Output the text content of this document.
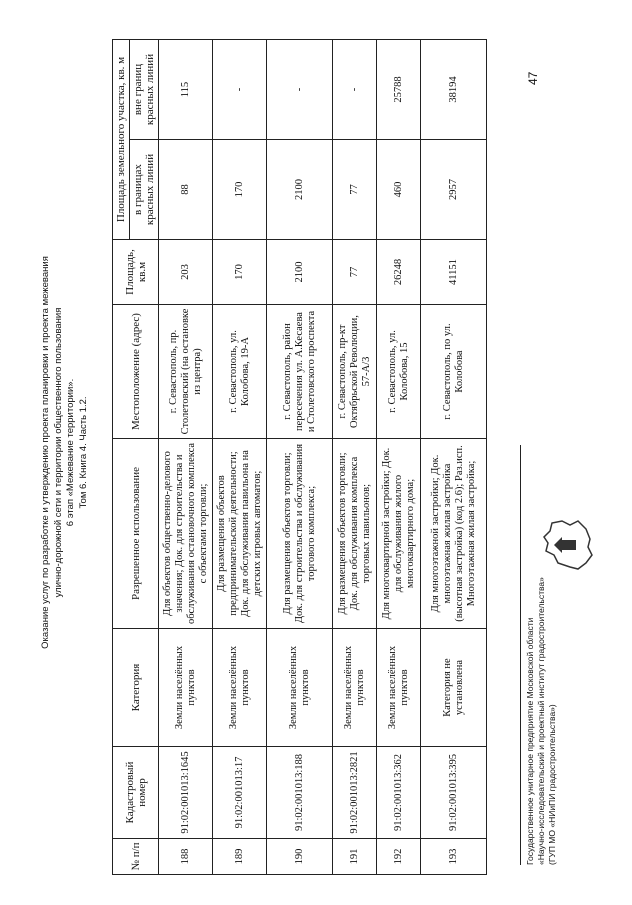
Оказание услуг по разработке и утверждению проекта планировки и проекта межевания улично-дорожной сети и территории общественного пользования 6 этап «Межевание территории». Том 6. Книга 4. Часть 1.2.
47
№ п/п	Кадастровый номер	Категория	Разрешенное использование	Местоположение (адрес)	Площадь, кв.м	Площадь земельного участка, кв. м	
						в границах красных линий	вне границ красных линий
188	91:02:001013:1645	Земли населённых пунктов	Для объектов общественно-делового значения; Док. для строительства и обслуживания остановочного комплекса с объектами торговли;	г. Севастополь, пр. Столетовский (на остановке из центра)	203	88	115
189	91:02:001013:17	Земли населённых пунктов	Для размещения объектов предпринимательской деятельности; Док. для обслуживания павильона на детских игровых автоматов;	г. Севастополь, ул. Колобова, 19-А	170	170	-
190	91:02:001013:188	Земли населённых пунктов	Для размещения объектов торговли; Док. для строительства и обслуживания торгового комплекса;	г. Севастополь, район пересечения ул. А.Кесаева и Столетовского проспекта	2100	2100	-
191	91:02:001013:2821	Земли населённых пунктов	Для размещения объектов торговли; Док. для обслуживания комплекса торговых павильонов;	г. Севастополь, пр-кт Октябрьской Революции, 57-А/3	77	77	-
192	91:02:001013:362	Земли населённых пунктов	Для многоквартирной застройки; Док. для обслуживания жилого многоквартирного дома;	г. Севастополь, ул. Колобова, 15	26248	460	25788
193	91:02:001013:395	Категория не установлена	Для многоэтажной застройки; Док. многоэтажная жилая застройка (высотная застройка) (код 2.6); Раз.исп. Многоэтажная жилая застройка;	г. Севастополь, по ул. Колобова	41151	2957	38194
Государственное унитарное предприятие Московской области «Научно-исследовательский и проектный институт градостроительства» (ГУП МО «НИиПИ градостроительства»)
